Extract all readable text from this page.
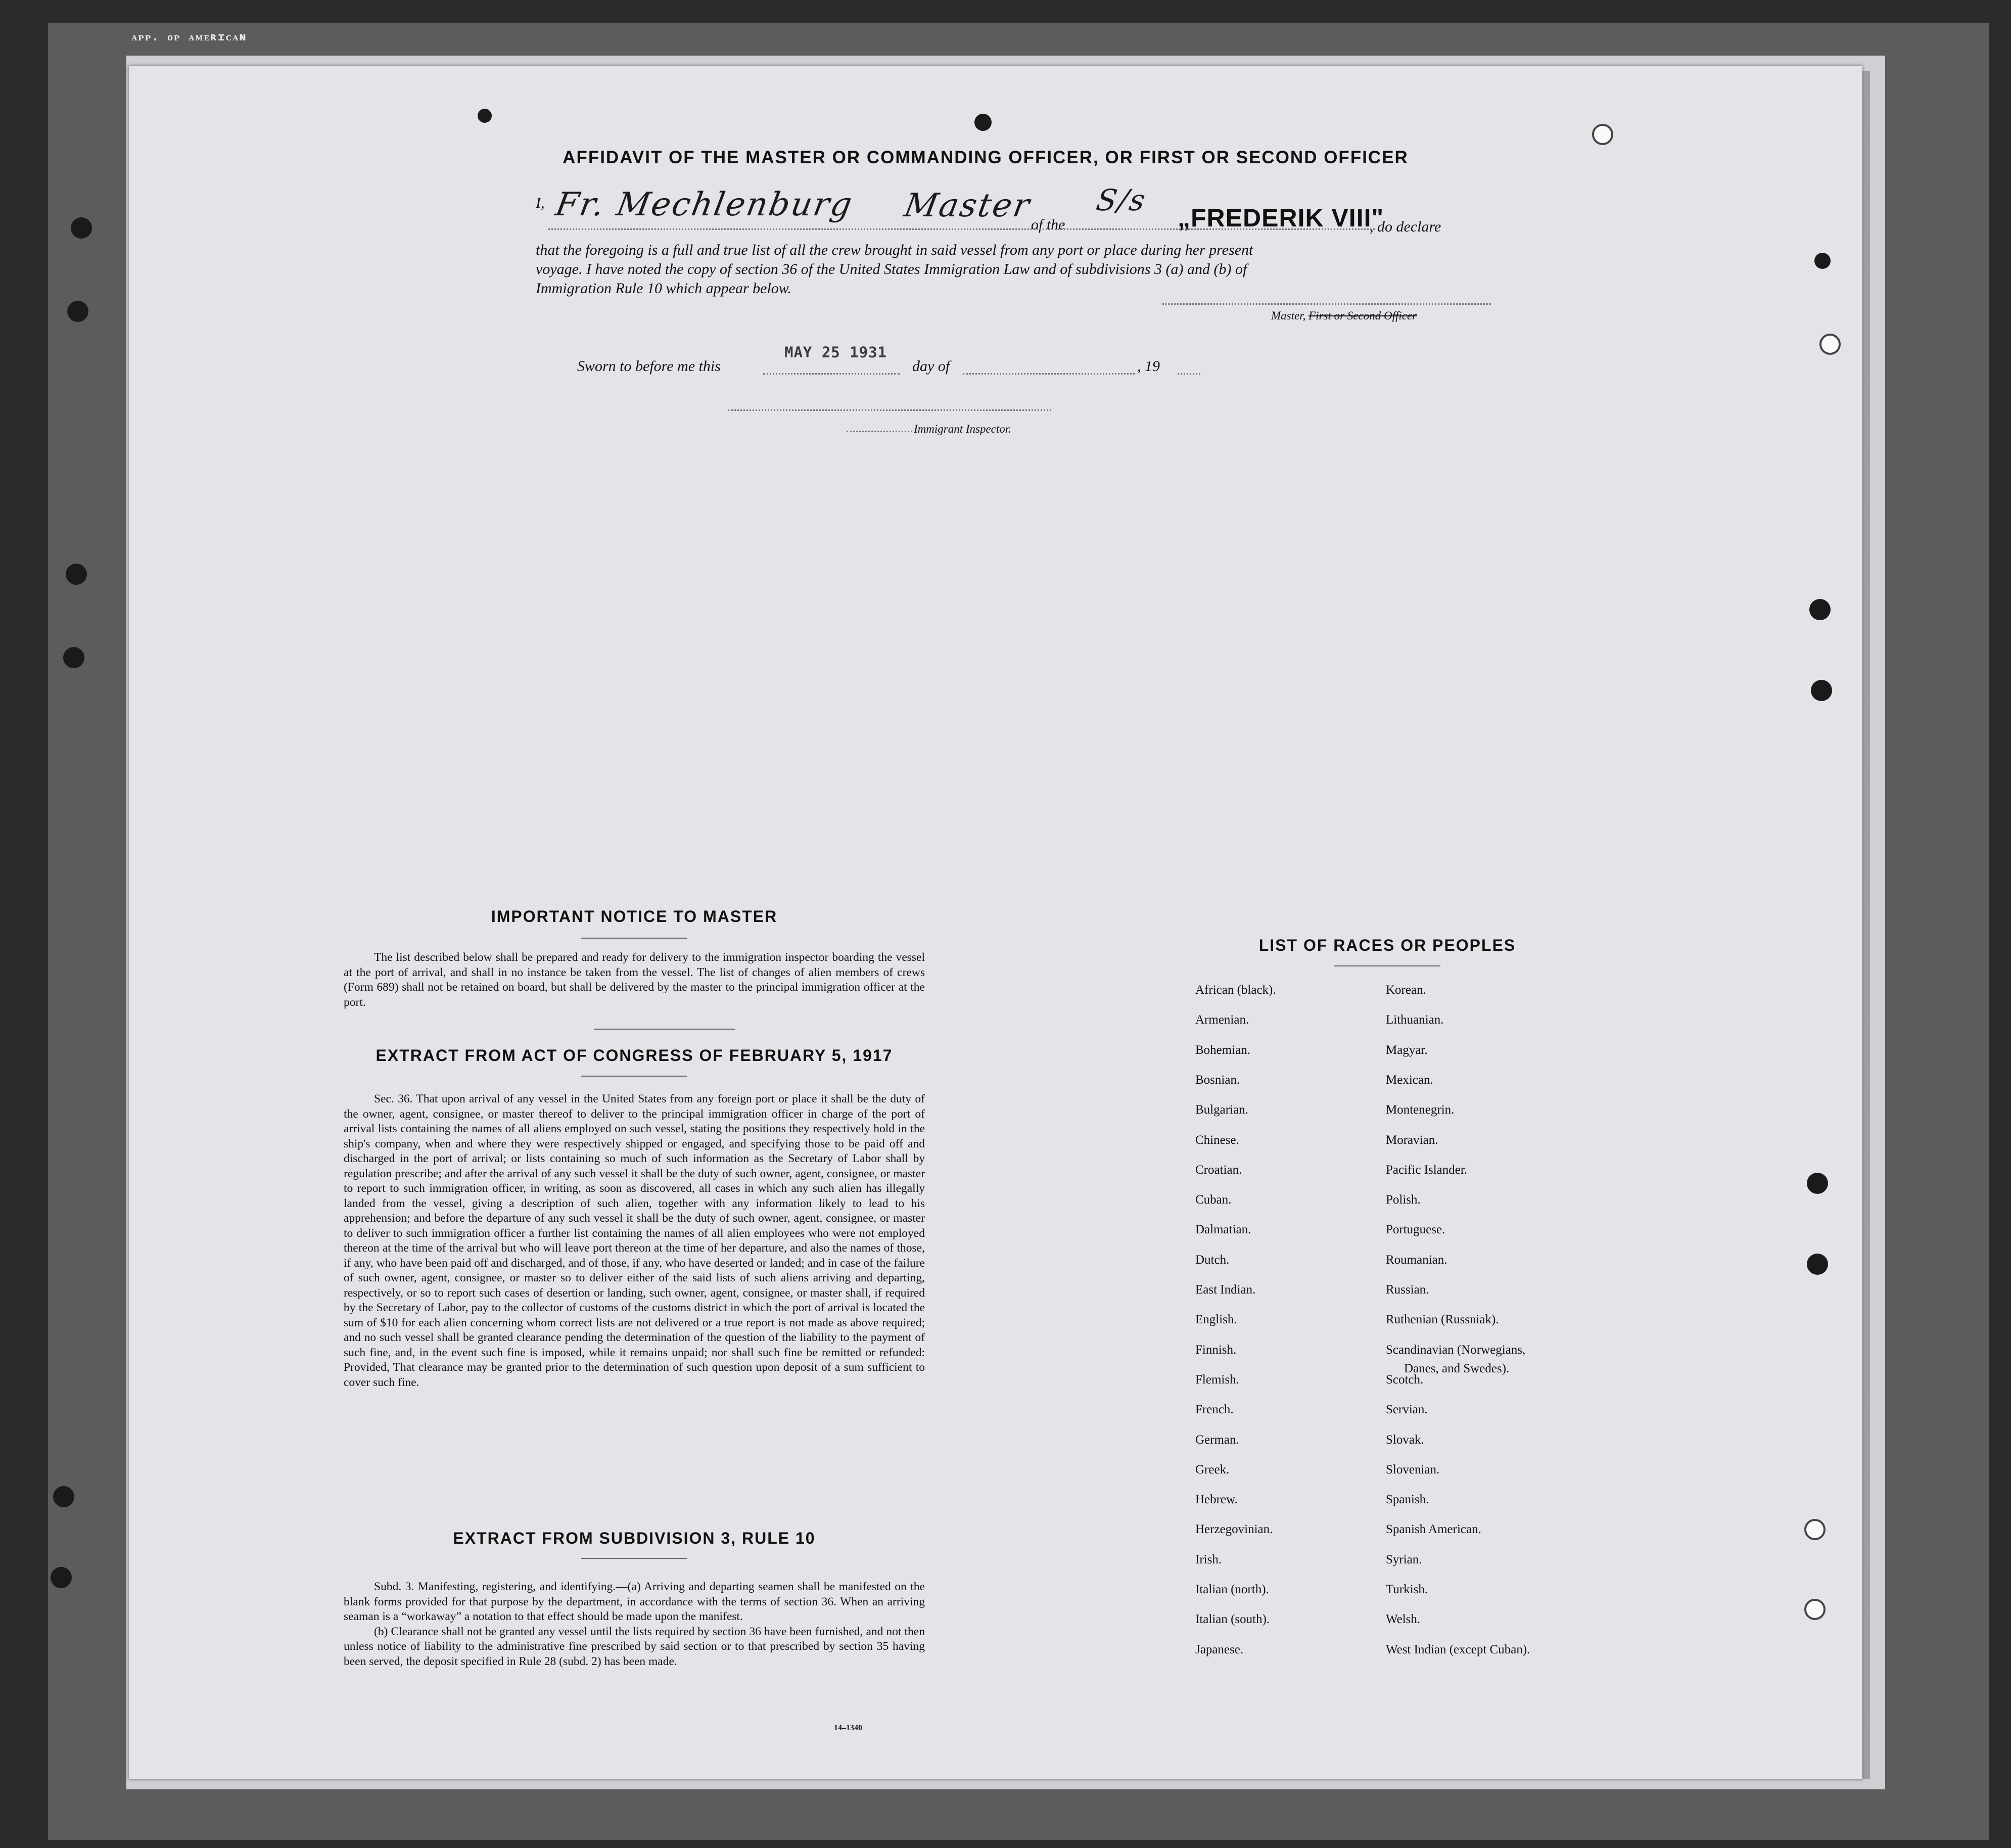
ᴀᴘᴘ. ᴏᴘ ᴀᴍᴇʀɪᴄᴀɴ
AFFIDAVIT OF THE MASTER OR COMMANDING OFFICER, OR FIRST OR SECOND OFFICER
I, Fr. Mechlenburg Master
of the
S/s
„FREDERIK VIII"
, do declare
that the foregoing is a full and true list of all the crew brought in said vessel from any port or place during her present
voyage. I have noted the copy of section 36 of the United States Immigration Law and of subdivisions 3 (a) and (b) of
Immigration Rule 10 which appear below.
Master, First or Second Officer
Sworn to before me this
MAY 25 1931
day of	, 19
Immigrant Inspector.
IMPORTANT NOTICE TO MASTER

The list described below shall be prepared and ready for delivery to the immigration inspector boarding the vessel at the port of arrival, and shall in no instance be taken from the vessel. The list of changes of alien members of crews (Form 689) shall not be retained on board, but shall be delivered by the master to the principal immigration officer at the port.

EXTRACT FROM ACT OF CONGRESS OF FEBRUARY 5, 1917

Sec. 36. That upon arrival of any vessel in the United States from any foreign port or place it shall be the duty of the owner, agent, consignee, or master thereof to deliver to the principal immigration officer in charge of the port of arrival lists containing the names of all aliens employed on such vessel, stating the positions they respectively hold in the ship's company, when and where they were respectively shipped or engaged, and specifying those to be paid off and discharged in the port of arrival; or lists containing so much of such information as the Secretary of Labor shall by regulation prescribe; and after the arrival of any such vessel it shall be the duty of such owner, agent, consignee, or master to report to such immigration officer, in writing, as soon as discovered, all cases in which any such alien has illegally landed from the vessel, giving a description of such alien, together with any information likely to lead to his apprehension; and before the departure of any such vessel it shall be the duty of such owner, agent, consignee, or master to deliver to such immigration officer a further list containing the names of all alien employees who were not employed thereon at the time of the arrival but who will leave port thereon at the time of her departure, and also the names of those, if any, who have been paid off and discharged, and of those, if any, who have deserted or landed; and in case of the failure of such owner, agent, consignee, or master so to deliver either of the said lists of such aliens arriving and departing, respectively, or so to report such cases of desertion or landing, such owner, agent, consignee, or master shall, if required by the Secretary of Labor, pay to the collector of customs of the customs district in which the port of arrival is located the sum of $10 for each alien concerning whom correct lists are not delivered or a true report is not made as above required; and no such vessel shall be granted clearance pending the determination of the question of the liability to the payment of such fine, and, in the event such fine is imposed, while it remains unpaid; nor shall such fine be remitted or refunded: Provided, That clearance may be granted prior to the determination of such question upon deposit of a sum sufficient to cover such fine.

EXTRACT FROM SUBDIVISION 3, RULE 10

Subd. 3. Manifesting, registering, and identifying.—(a) Arriving and departing seamen shall be manifested on the blank forms provided for that purpose by the department, in accordance with the terms of section 36. When an arriving seaman is a “workaway” a notation to that effect should be made upon the manifest.

(b) Clearance shall not be granted any vessel until the lists required by section 36 have been furnished, and not then unless notice of liability to the administrative fine prescribed by said section or to that prescribed by section 35 having been served, the deposit specified in Rule 28 (subd. 2) has been made.

14–1340
LIST OF RACES OR PEOPLES
African (black).
Armenian.
Bohemian.
Bosnian.
Bulgarian.
Chinese.
Croatian.
Cuban.
Dalmatian.
Dutch.
East Indian.
English.
Finnish.
Flemish.
French.
German.
Greek.
Hebrew.
Herzegovinian.
Irish.
Italian (north).
Italian (south).
Japanese.
Korean.
Lithuanian.
Magyar.
Mexican.
Montenegrin.
Moravian.
Pacific Islander.
Polish.
Portuguese.
Roumanian.
Russian.
Ruthenian (Russniak).
Scandinavian (Norwegians,
Scotch.
Servian.
Slovak.
Slovenian.
Spanish.
Spanish American.
Syrian.
Turkish.
Welsh.
West Indian (except Cuban).
Danes, and Swedes).
